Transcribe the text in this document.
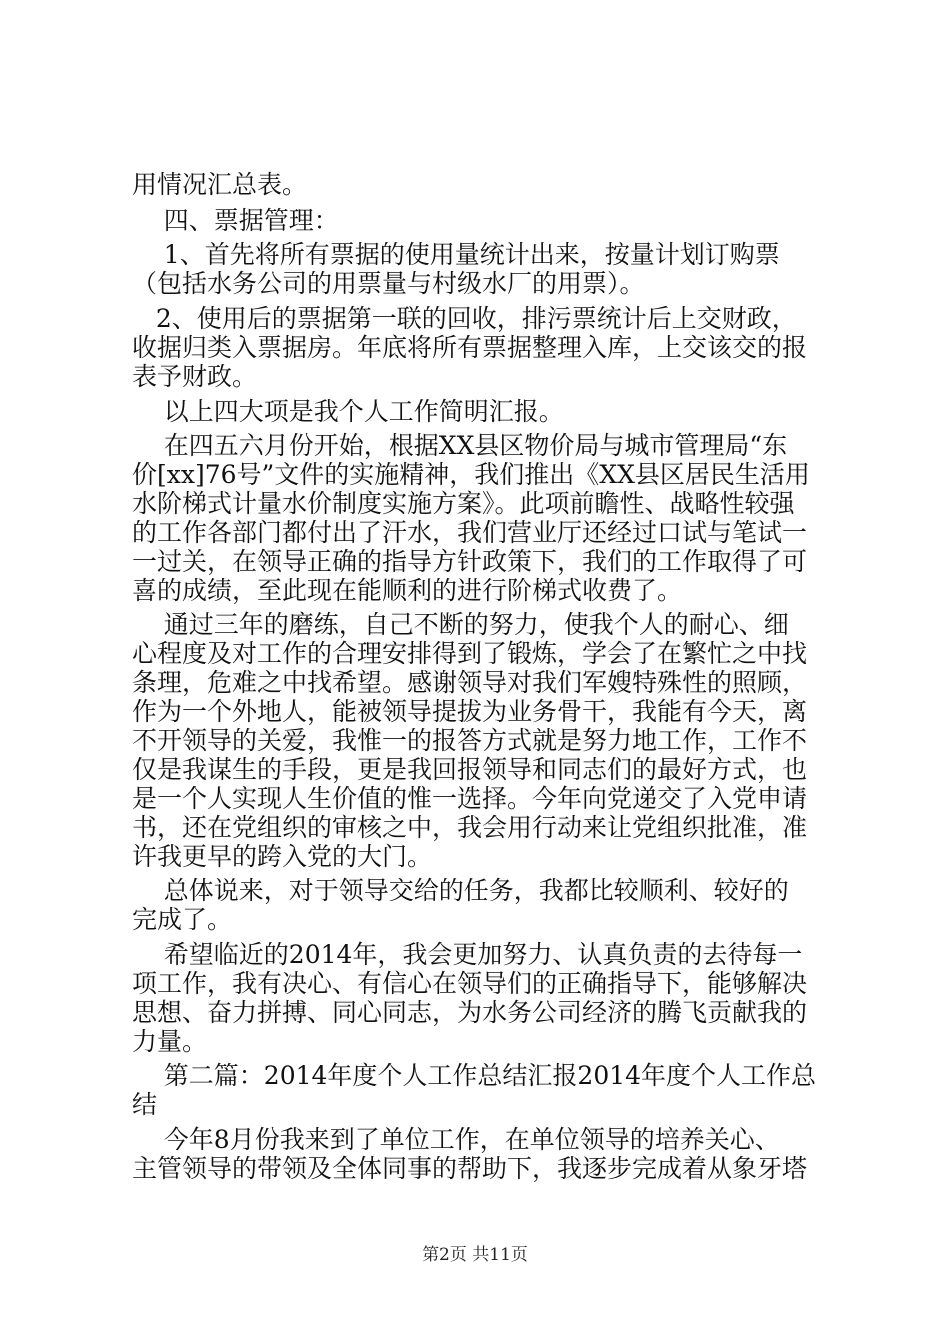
用情况汇总表。
四、票据管理：
1、首先将所有票据的使用量统计出来，按量计划订购票
（包括水务公司的用票量与村级水厂的用票）。
2、使用后的票据第一联的回收，排污票统计后上交财政，
收据归类入票据房。年底将所有票据整理入库，上交该交的报
表予财政。
以上四大项是我个人工作简明汇报。
在四五六月份开始，根据XX县区物价局与城市管理局“东
价[xx]76号”文件的实施精神，我们推出《XX县区居民生活用
水阶梯式计量水价制度实施方案》。此项前瞻性、战略性较强
的工作各部门都付出了汗水，我们营业厅还经过口试与笔试一
一过关，在领导正确的指导方针政策下，我们的工作取得了可
喜的成绩，至此现在能顺利的进行阶梯式收费了。
通过三年的磨练，自己不断的努力，使我个人的耐心、细
心程度及对工作的合理安排得到了锻炼，学会了在繁忙之中找
条理，危难之中找希望。感谢领导对我们军嫂特殊性的照顾，
作为一个外地人，能被领导提拔为业务骨干，我能有今天，离
不开领导的关爱，我惟一的报答方式就是努力地工作，工作不
仅是我谋生的手段，更是我回报领导和同志们的最好方式，也
是一个人实现人生价值的惟一选择。今年向党递交了入党申请
书，还在党组织的审核之中，我会用行动来让党组织批准，准
许我更早的跨入党的大门。
总体说来，对于领导交给的任务，我都比较顺利、较好的
完成了。
希望临近的2014年，我会更加努力、认真负责的去待每一
项工作，我有决心、有信心在领导们的正确指导下，能够解决
思想、奋力拼搏、同心同志，为水务公司经济的腾飞贡献我的
力量。
第二篇：2014年度个人工作总结汇报2014年度个人工作总
结
今年8月份我来到了单位工作，在单位领导的培养关心、
主管领导的带领及全体同事的帮助下，我逐步完成着从象牙塔
第2页 共11页
